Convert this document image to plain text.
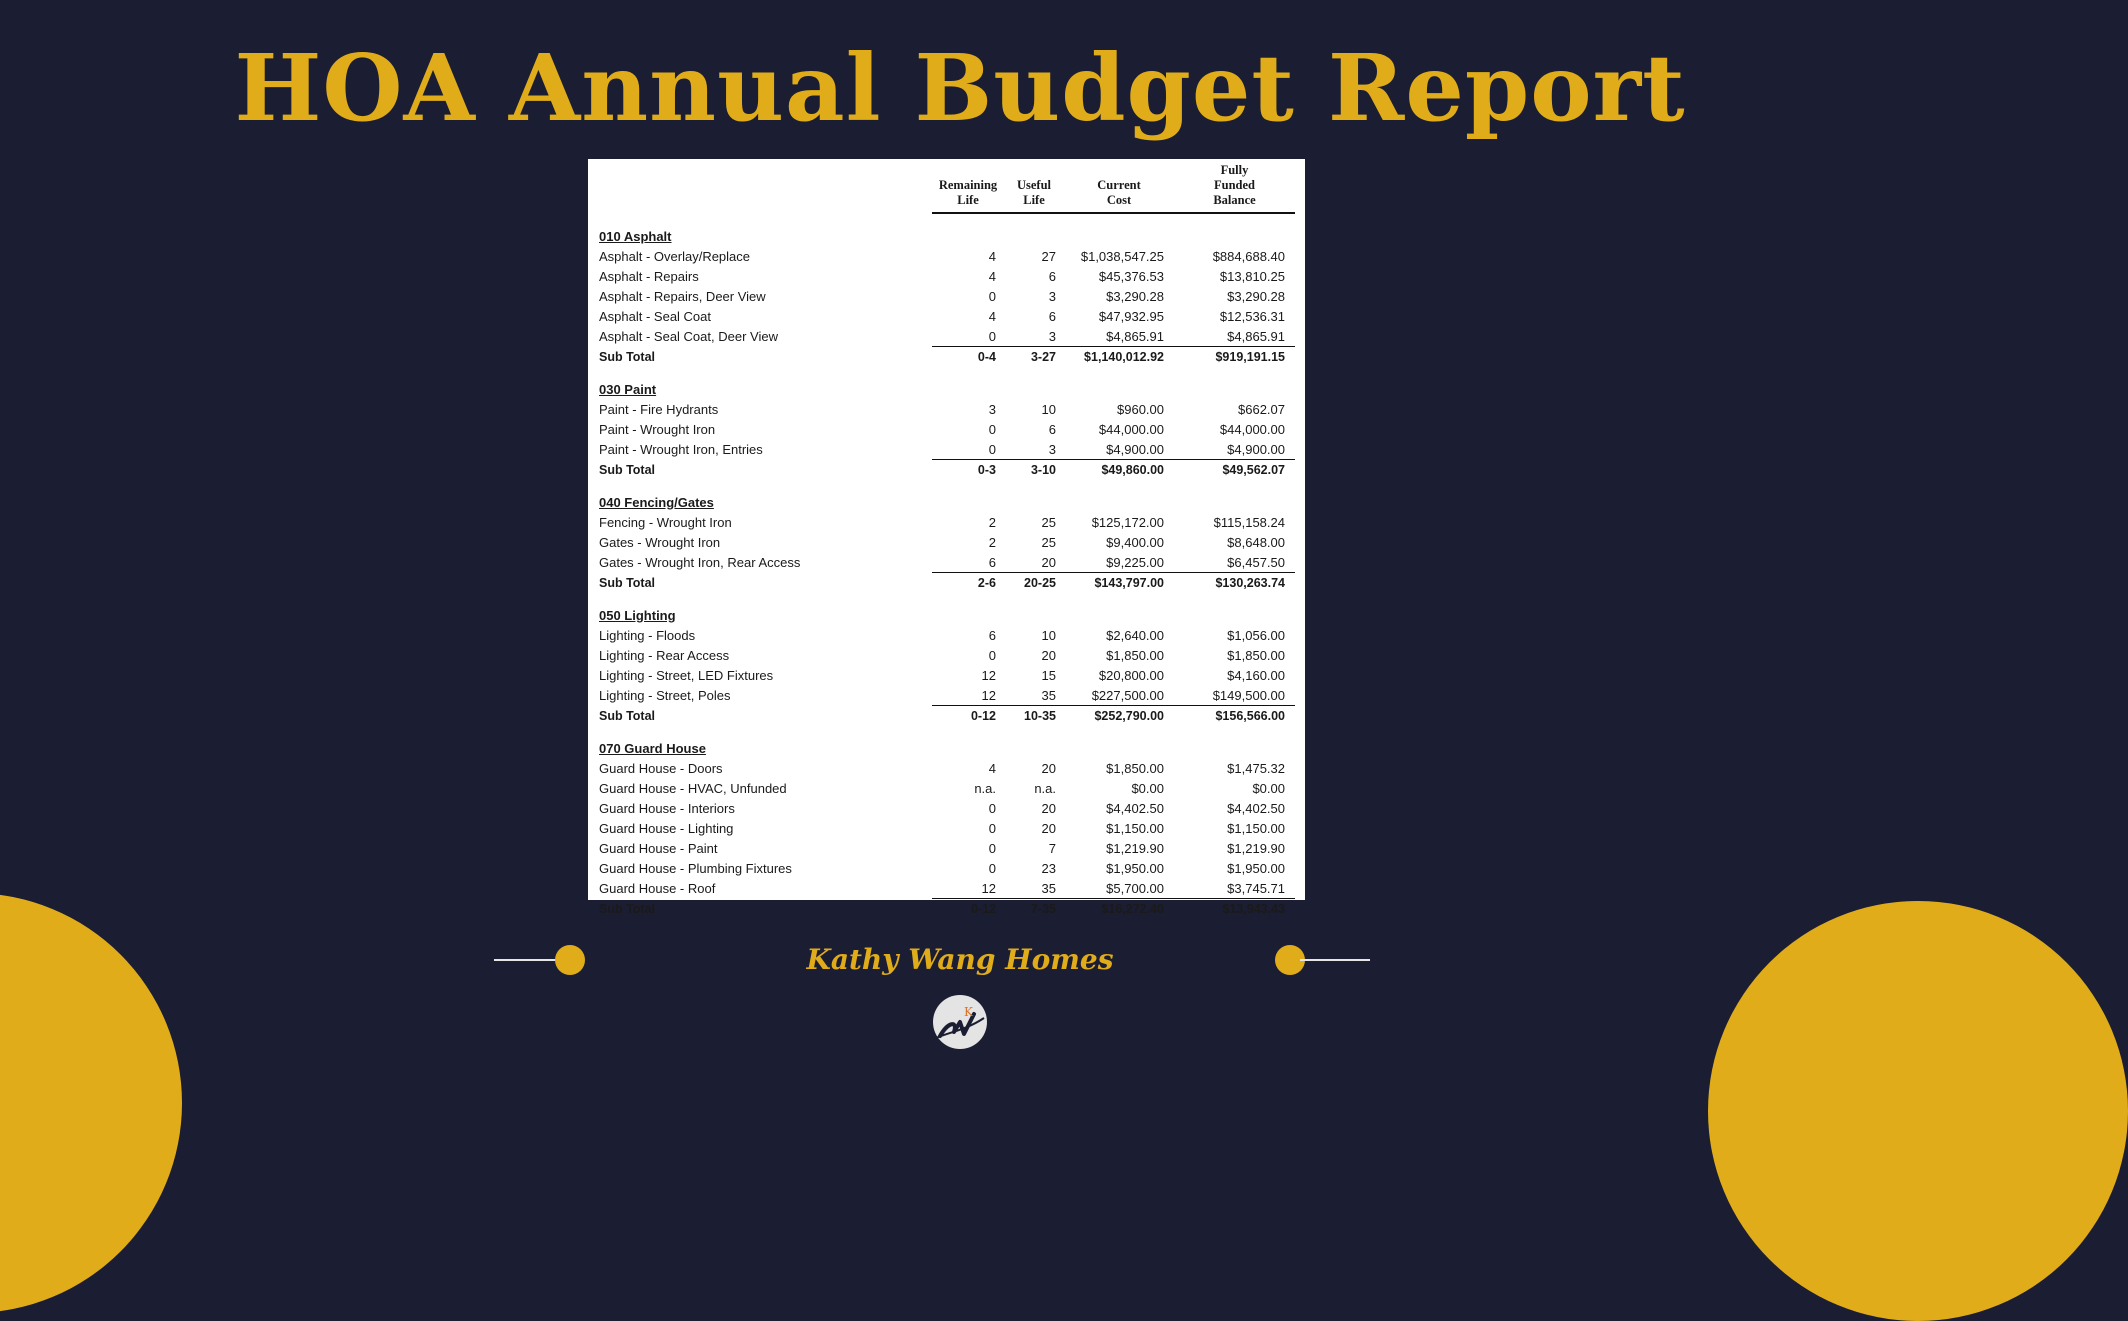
HOA Annual Budget Report
	Remaining Life	Useful Life	Current Cost	Fully Funded Balance
010 Asphalt				
Asphalt - Overlay/Replace	4	27	$1,038,547.25	$884,688.40
Asphalt - Repairs	4	6	$45,376.53	$13,810.25
Asphalt - Repairs, Deer View	0	3	$3,290.28	$3,290.28
Asphalt - Seal Coat	4	6	$47,932.95	$12,536.31
Asphalt - Seal Coat, Deer View	0	3	$4,865.91	$4,865.91
Sub Total	0-4	3-27	$1,140,012.92	$919,191.15
030 Paint				
Paint - Fire Hydrants	3	10	$960.00	$662.07
Paint - Wrought Iron	0	6	$44,000.00	$44,000.00
Paint - Wrought Iron, Entries	0	3	$4,900.00	$4,900.00
Sub Total	0-3	3-10	$49,860.00	$49,562.07
040 Fencing/Gates				
Fencing - Wrought Iron	2	25	$125,172.00	$115,158.24
Gates - Wrought Iron	2	25	$9,400.00	$8,648.00
Gates - Wrought Iron, Rear Access	6	20	$9,225.00	$6,457.50
Sub Total	2-6	20-25	$143,797.00	$130,263.74
050 Lighting				
Lighting - Floods	6	10	$2,640.00	$1,056.00
Lighting - Rear Access	0	20	$1,850.00	$1,850.00
Lighting - Street, LED Fixtures	12	15	$20,800.00	$4,160.00
Lighting - Street, Poles	12	35	$227,500.00	$149,500.00
Sub Total	0-12	10-35	$252,790.00	$156,566.00
070 Guard House				
Guard House - Doors	4	20	$1,850.00	$1,475.32
Guard House - HVAC, Unfunded	n.a.	n.a.	$0.00	$0.00
Guard House - Interiors	0	20	$4,402.50	$4,402.50
Guard House - Lighting	0	20	$1,150.00	$1,150.00
Guard House - Paint	0	7	$1,219.90	$1,219.90
Guard House - Plumbing Fixtures	0	23	$1,950.00	$1,950.00
Guard House - Roof	12	35	$5,700.00	$3,745.71
Sub Total	0-12	7-35	$16,272.40	$13,943.43
Kathy Wang Homes
K
